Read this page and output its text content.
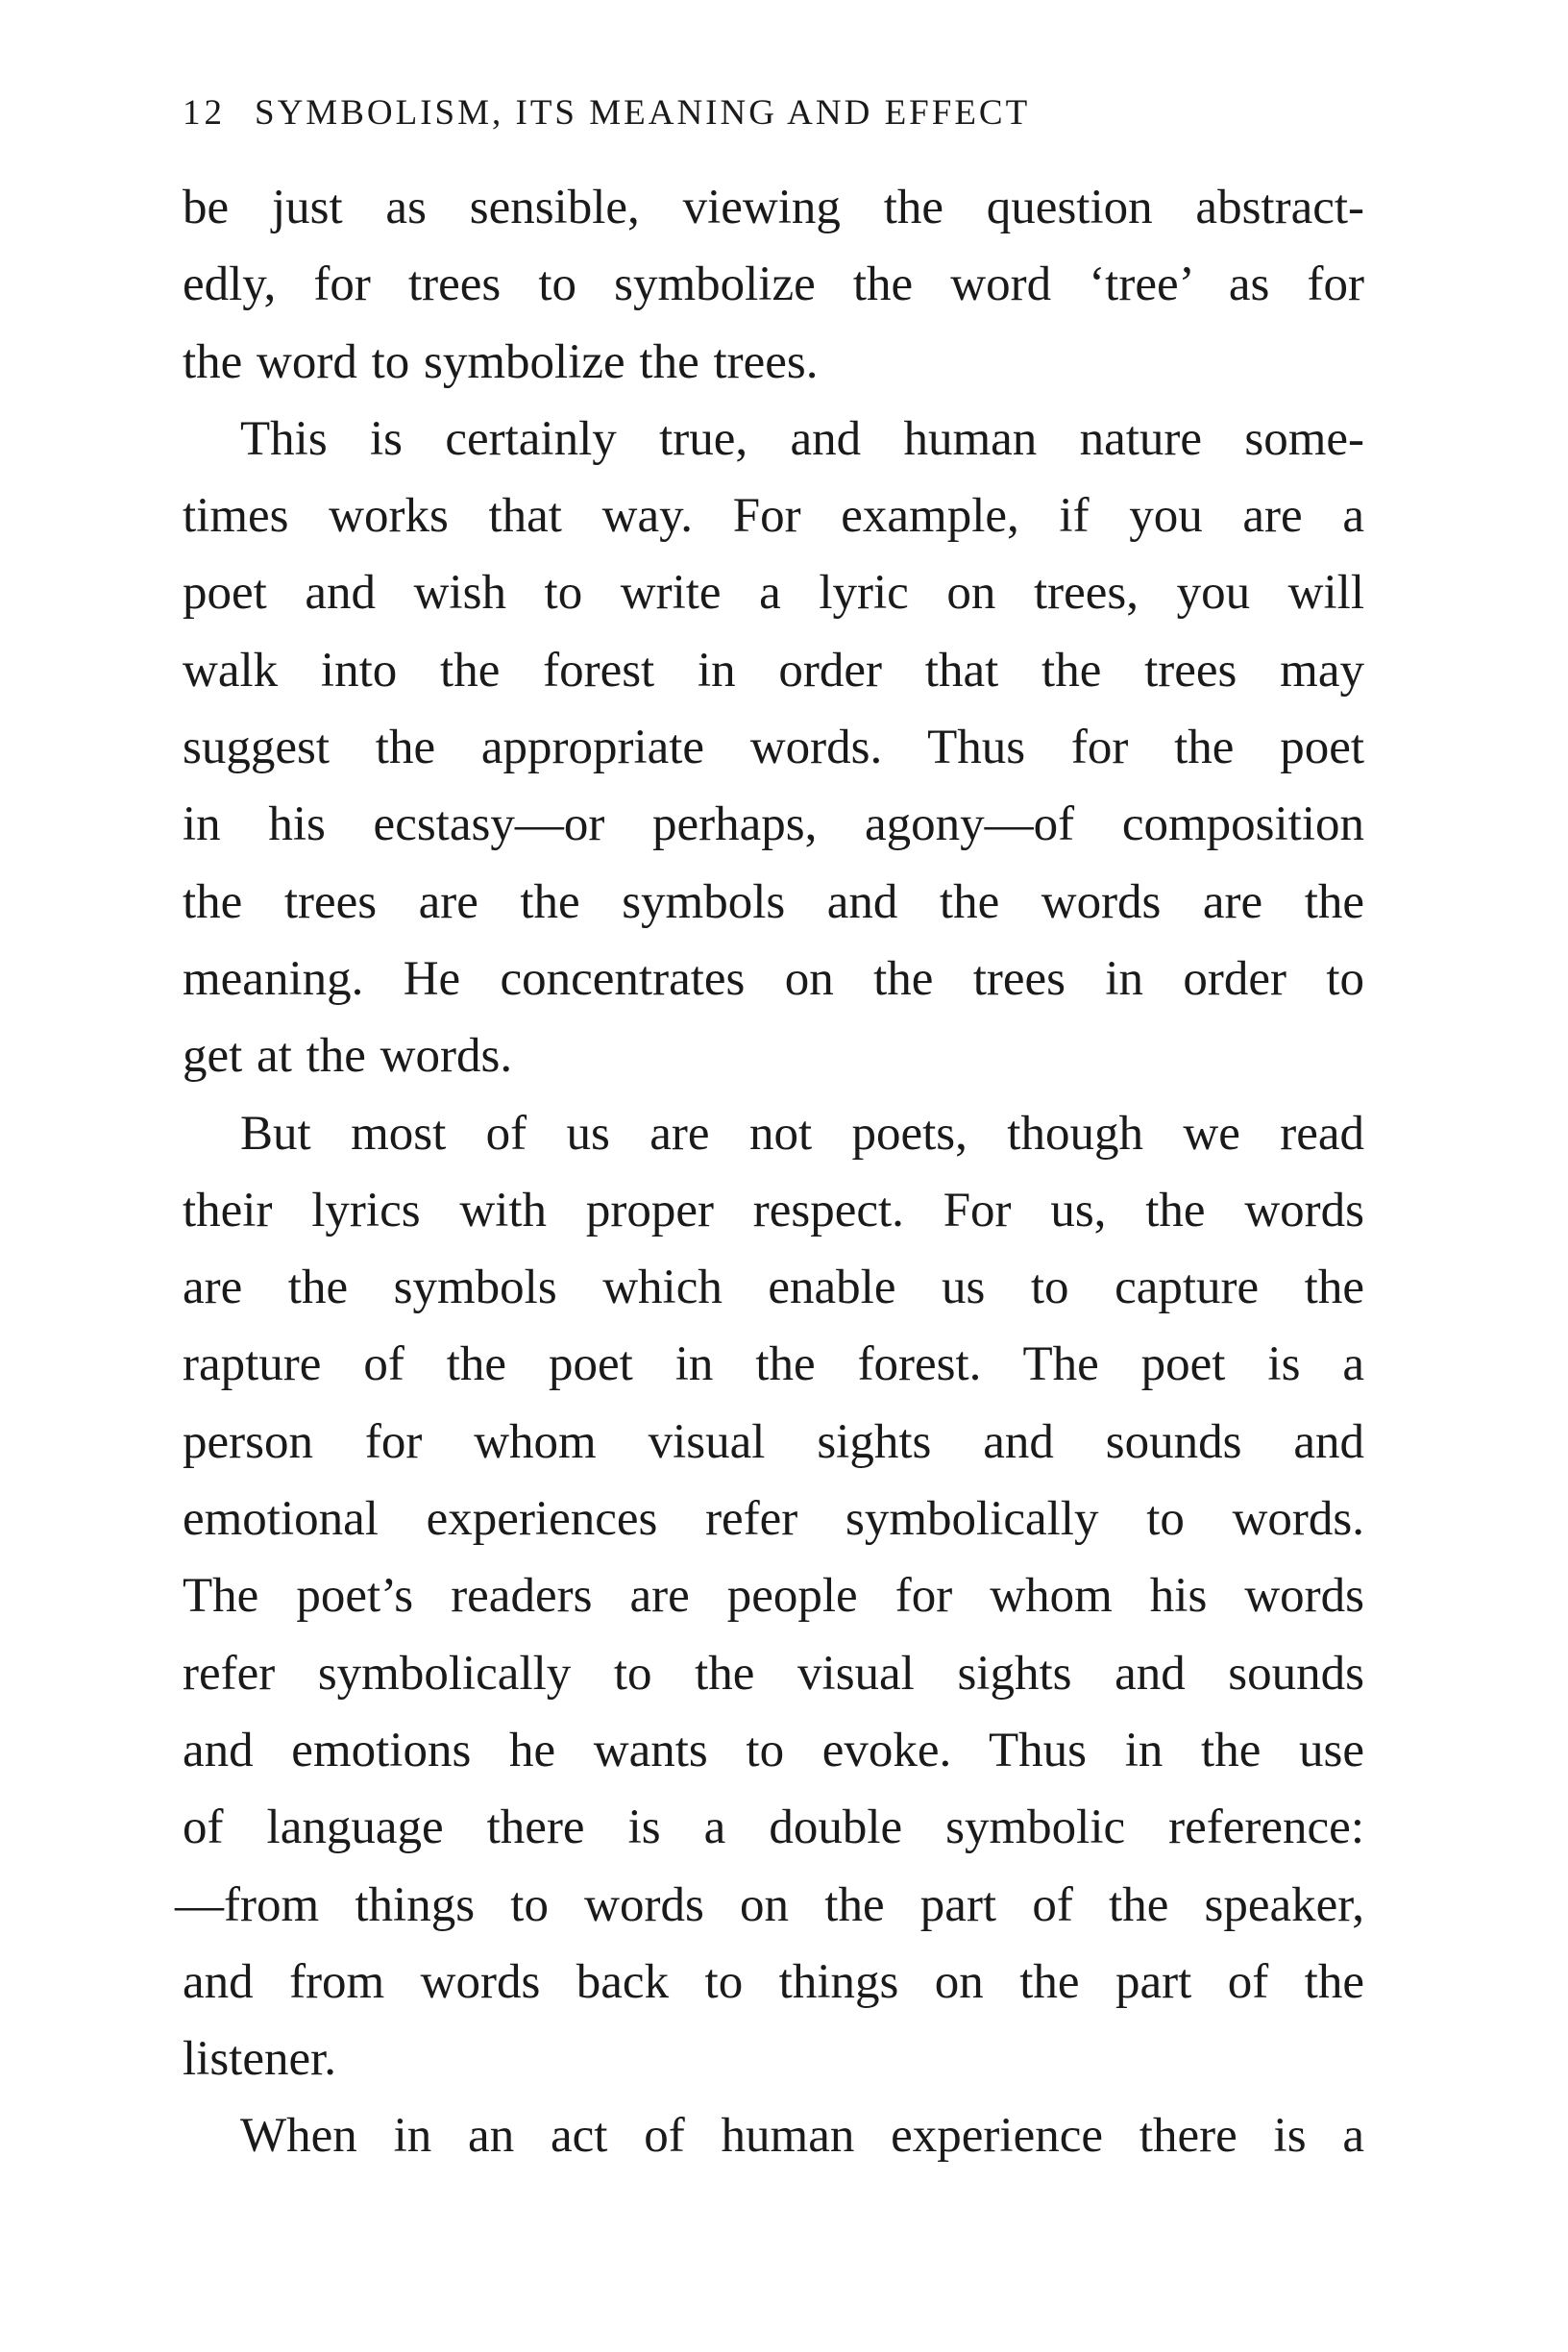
12 SYMBOLISM, ITS MEANING AND EFFECT
be just as sensible, viewing the question abstract-
edly, for trees to symbolize the word ‘tree’ as for
the word to symbolize the trees.
This is certainly true, and human nature some-
times works that way. For example, if you are a
poet and wish to write a lyric on trees, you will
walk into the forest in order that the trees may
suggest the appropriate words. Thus for the poet
in his ecstasy—or perhaps, agony—of composition
the trees are the symbols and the words are the
meaning. He concentrates on the trees in order to
get at the words.
But most of us are not poets, though we read
their lyrics with proper respect. For us, the words
are the symbols which enable us to capture the
rapture of the poet in the forest. The poet is a
person for whom visual sights and sounds and
emotional experiences refer symbolically to words.
The poet’s readers are people for whom his words
refer symbolically to the visual sights and sounds
and emotions he wants to evoke. Thus in the use
of language there is a double symbolic reference:
—from things to words on the part of the speaker,
and from words back to things on the part of the
listener.
When in an act of human experience there is a
